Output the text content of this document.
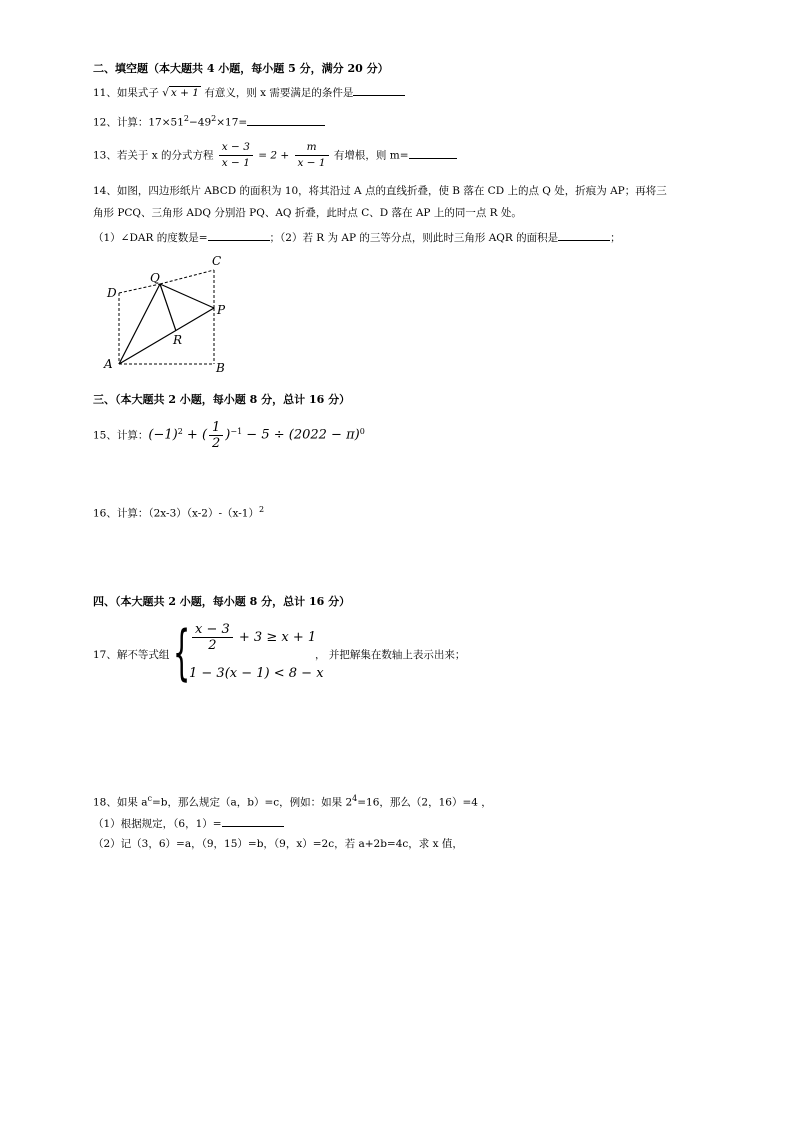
二、填空题（本大题共 4 小题，每小题 5 分，满分 20 分）
11、如果式子 √ x + 1 有意义，则 x 需要满足的条件是
12、计算：$17\times 51^2-49^2\times 17=$
13、若关于 x 的分式方程 $\frac{x - 3}{x - 1} = 2 + \frac{m}{x - 1}$ 有增根，则 m=
14、如图，四边形纸片 ABCD 的面积为 10，将其沿过 A 点的直线折叠，使 B 落在 CD 上的点 Q 处，折痕为 AP；再将三
角形 PCQ、三角形 ADQ 分别沿 PQ、AQ 折叠，此时点 C、D 落在 AP 上的同一点 R 处。
（1）∠DAR 的度数是=	；（2）若 R 为 AP 的三等分点，则此时三角形 AQR 的面积是	；
A	B
C
D
P
Q
R
三、（本大题共 2 小题，每小题 8 分，总计 16 分）
15、计算：$(-1)^2$ + ( $\frac{1}{2} )^{-1} - 5 \div (2022 - \pi)^0$
16、计算：$(2x-3)(x-2)-(x-1)^2$
四、（本大题共 2 小题，每小题 8 分，总计 16 分）
17、解不等式组 { $\frac{x - 3}{2} + 3 \ge x + 1$
1 − 3(x − 1) < 8 − x
， 并把解集在数轴上表示出来；
18、如果 $a^c=b$，那么规定（a，b）=c，例如：如果 $2^4=16$，那么（2，16）=4 ，
（1）根据规定，（6，1）=
（2）记（3，6）=a，（9，15）=b，（9，x）=2c，若 a+2b=4c，求 x 值，
